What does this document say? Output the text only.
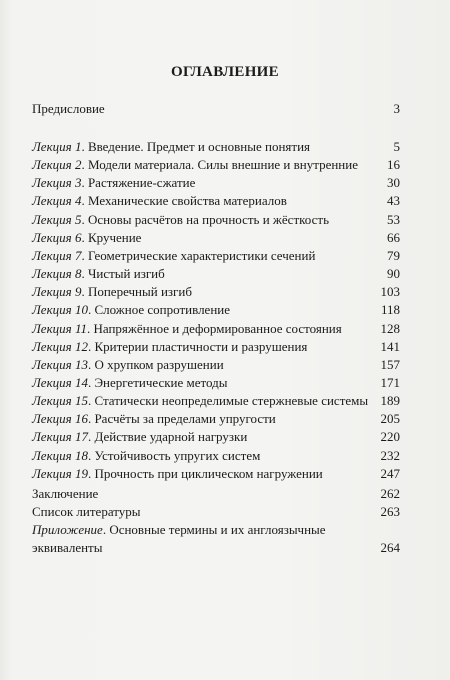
ОГЛАВЛЕНИЕ
Предисловие	3
Лекция 1. Введение. Предмет и основные понятия	5
Лекция 2. Модели материала. Силы внешние и внутренние 16
Лекция 3. Растяжение-сжатие	30
Лекция 4. Механические свойства материалов	43
Лекция 5. Основы расчётов на прочность и жёсткость	53
Лекция 6. Кручение	66
Лекция 7. Геометрические характеристики сечений	79
Лекция 8. Чистый изгиб	90
Лекция 9. Поперечный изгиб	103
Лекция 10. Сложное сопротивление	118
Лекция 11. Напряжённое и деформированное состояния	128
Лекция 12. Критерии пластичности и разрушения	141
Лекция 13. О хрупком разрушении	157
Лекция 14. Энергетические методы	171
Лекция 15. Статически неопределимые стержневые системы 189
Лекция 16. Расчёты за пределами упругости	205
Лекция 17. Действие ударной нагрузки	220
Лекция 18. Устойчивость упругих систем	232
Лекция 19. Прочность при циклическом нагружении	247
Заключение	262
Список литературы	263
Приложение. Основные термины и их англоязычные эквиваленты	264
